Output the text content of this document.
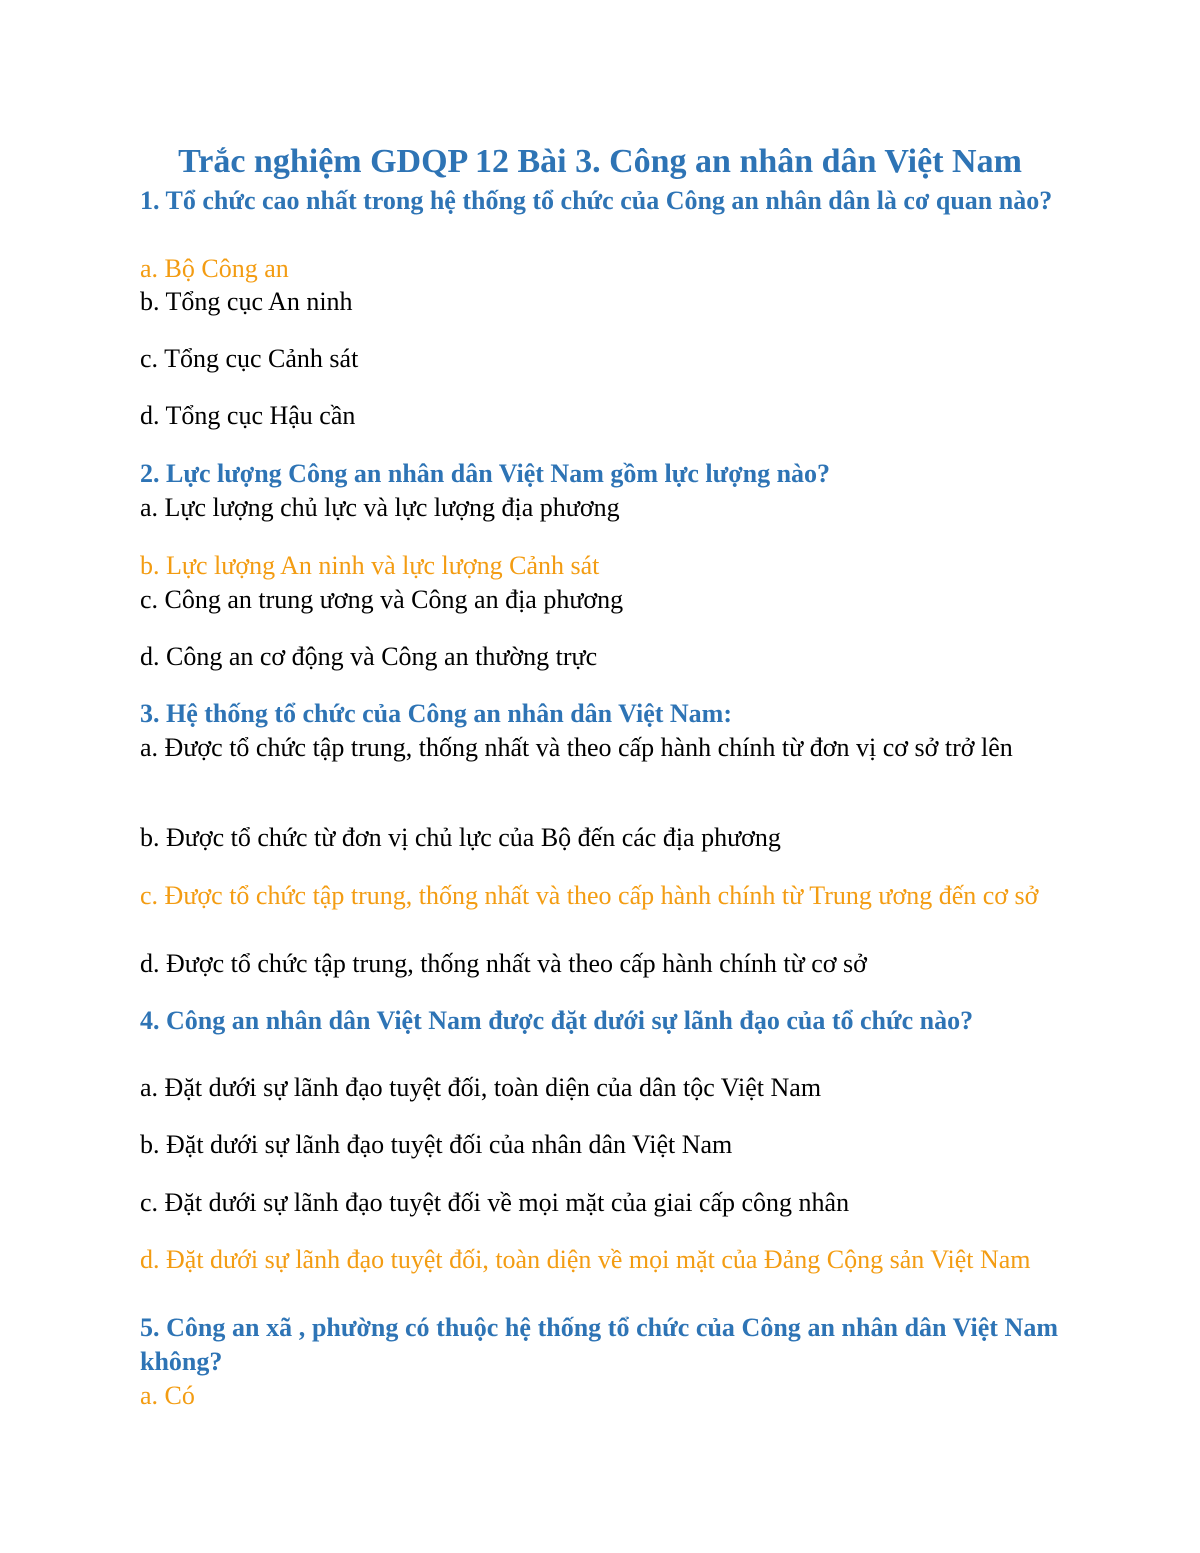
Trắc nghiệm GDQP 12 Bài 3. Công an nhân dân Việt Nam

1. Tổ chức cao nhất trong hệ thống tổ chức của Công an nhân dân là cơ quan nào?

a. Bộ Công an

b. Tổng cục An ninh

c. Tổng cục Cảnh sát

d. Tổng cục Hậu cần

2. Lực lượng Công an nhân dân Việt Nam gồm lực lượng nào?

a. Lực lượng chủ lực và lực lượng địa phương

b. Lực lượng An ninh và lực lượng Cảnh sát

c. Công an trung ương và Công an địa phương

d. Công an cơ động và Công an thường trực

3. Hệ thống tổ chức của Công an nhân dân Việt Nam:

a. Được tổ chức tập trung, thống nhất và theo cấp hành chính từ đơn vị cơ sở trở lên

b. Được tổ chức từ đơn vị chủ lực của Bộ đến các địa phương

c. Được tổ chức tập trung, thống nhất và theo cấp hành chính từ Trung ương đến cơ sở

d. Được tổ chức tập trung, thống nhất và theo cấp hành chính từ cơ sở

4. Công an nhân dân Việt Nam được đặt dưới sự lãnh đạo của tổ chức nào?

a. Đặt dưới sự lãnh đạo tuyệt đối, toàn diện của dân tộc Việt Nam

b. Đặt dưới sự lãnh đạo tuyệt đối của nhân dân Việt Nam

c. Đặt dưới sự lãnh đạo tuyệt đối về mọi mặt của giai cấp công nhân

d. Đặt dưới sự lãnh đạo tuyệt đối, toàn diện về mọi mặt của Đảng Cộng sản Việt Nam

5. Công an xã , phường có thuộc hệ thống tổ chức của Công an nhân dân Việt Nam không?

a. Có
